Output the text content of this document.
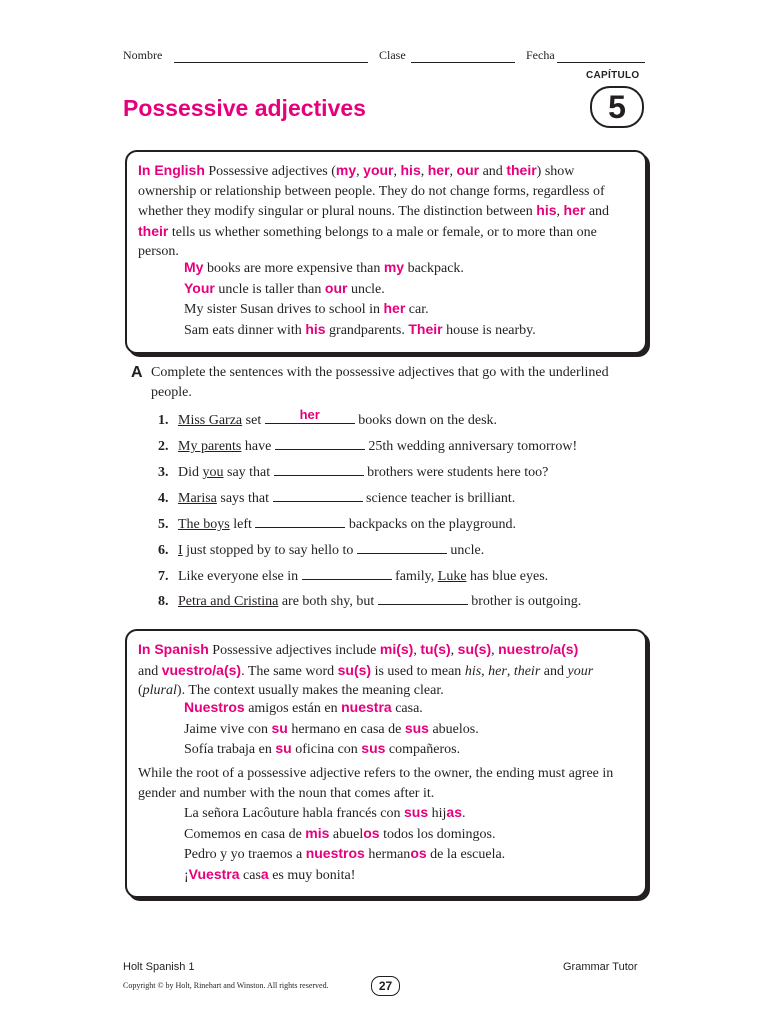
Nombre	Clase	Fecha
CAPÍTULO
5
Possessive adjectives
In English Possessive adjectives (my, your, his, her, our and their) show ownership or relationship between people. They do not change forms, regardless of whether they modify singular or plural nouns. The distinction between his, her and their tells us whether something belongs to a male or female, or to more than one person.
My books are more expensive than my backpack.
Your uncle is taller than our uncle.
My sister Susan drives to school in her car.
Sam eats dinner with his grandparents. Their house is nearby.
A Complete the sentences with the possessive adjectives that go with the underlined people.
1. Miss Garza set	her	books down on the desk.
2. My parents have	25th wedding anniversary tomorrow!
3. Did you say that	brothers were students here too?
4. Marisa says that	science teacher is brilliant.
5. The boys left	backpacks on the playground.
6. I just stopped by to say hello to	uncle.
7. Like everyone else in	family, Luke has blue eyes.
8. Petra and Cristina are both shy, but	brother is outgoing.
In Spanish Possessive adjectives include mi(s), tu(s), su(s), nuestro/a(s)
and vuestro/a(s). The same word su(s) is used to mean his, her, their and your (plural). The context usually makes the meaning clear.
Nuestros amigos están en nuestra casa.
Jaime vive con su hermano en casa de sus abuelos.
Sofía trabaja en su oficina con sus compañeros.
While the root of a possessive adjective refers to the owner, the ending must agree in gender and number with the noun that comes after it.
La señora Lacôuture habla francés con sus hijas.
Comemos en casa de mis abuelos todos los domingos.
Pedro y yo traemos a nuestros hermanos de la escuela.
¡Vuestra casa es muy bonita!
Holt Spanish 1	Grammar Tutor
Copyright © by Holt, Rinehart and Winston. All rights reserved.	27
